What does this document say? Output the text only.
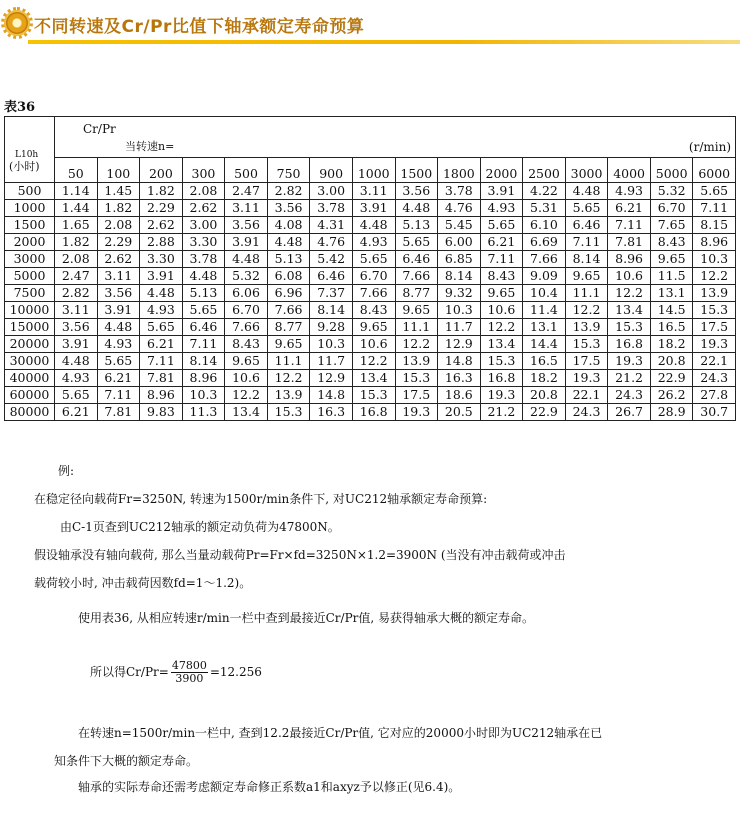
不同转速及Cr/Pr比值下轴承额定寿命预算
表36
L10h
(小时)	Cr/Pr
当转速n= (r/min)															

	50	100	200	300	500	750	900	1000	1500	1800	2000	2500	3000	4000	5000	6000
500	1.14	1.45	1.82	2.08	2.47	2.82	3.00	3.11	3.56	3.78	3.91	4.22	4.48	4.93	5.32	5.65
1000	1.44	1.82	2.29	2.62	3.11	3.56	3.78	3.91	4.48	4.76	4.93	5.31	5.65	6.21	6.70	7.11
1500	1.65	2.08	2.62	3.00	3.56	4.08	4.31	4.48	5.13	5.45	5.65	6.10	6.46	7.11	7.65	8.15
2000	1.82	2.29	2.88	3.30	3.91	4.48	4.76	4.93	5.65	6.00	6.21	6.69	7.11	7.81	8.43	8.96
3000	2.08	2.62	3.30	3.78	4.48	5.13	5.42	5.65	6.46	6.85	7.11	7.66	8.14	8.96	9.65	10.3
5000	2.47	3.11	3.91	4.48	5.32	6.08	6.46	6.70	7.66	8.14	8.43	9.09	9.65	10.6	11.5	12.2
7500	2.82	3.56	4.48	5.13	6.06	6.96	7.37	7.66	8.77	9.32	9.65	10.4	11.1	12.2	13.1	13.9
10000	3.11	3.91	4.93	5.65	6.70	7.66	8.14	8.43	9.65	10.3	10.6	11.4	12.2	13.4	14.5	15.3
15000	3.56	4.48	5.65	6.46	7.66	8.77	9.28	9.65	11.1	11.7	12.2	13.1	13.9	15.3	16.5	17.5
20000	3.91	4.93	6.21	7.11	8.43	9.65	10.3	10.6	12.2	12.9	13.4	14.4	15.3	16.8	18.2	19.3
30000	4.48	5.65	7.11	8.14	9.65	11.1	11.7	12.2	13.9	14.8	15.3	16.5	17.5	19.3	20.8	22.1
40000	4.93	6.21	7.81	8.96	10.6	12.2	12.9	13.4	15.3	16.3	16.8	18.2	19.3	21.2	22.9	24.3
60000	5.65	7.11	8.96	10.3	12.2	13.9	14.8	15.3	17.5	18.6	19.3	20.8	22.1	24.3	26.2	27.8
80000	6.21	7.81	9.83	11.3	13.4	15.3	16.3	16.8	19.3	20.5	21.2	22.9	24.3	26.7	28.9	30.7
例:
在稳定径向载荷Fr=3250N, 转速为1500r/min条件下, 对UC212轴承额定寿命预算:
由C-1页查到UC212轴承的额定动负荷为47800N。
假设轴承没有轴向载荷, 那么当量动载荷Pr=Fr×fd=3250N×1.2=3900N (当没有冲击载荷或冲击
载荷较小时, 冲击载荷因数fd=1～1.2)。
使用表36, 从相应转速r/min一栏中查到最接近Cr/Pr值, 易获得轴承大概的额定寿命。
所以得$Cr/Pr= \frac{47800}{3900} =12.256$
在转速n=1500r/min一栏中, 查到12.2最接近Cr/Pr值, 它对应的20000小时即为UC212轴承在已
知条件下大概的额定寿命。
轴承的实际寿命还需考虑额定寿命修正系数a1和axyz予以修正(见6.4)。
